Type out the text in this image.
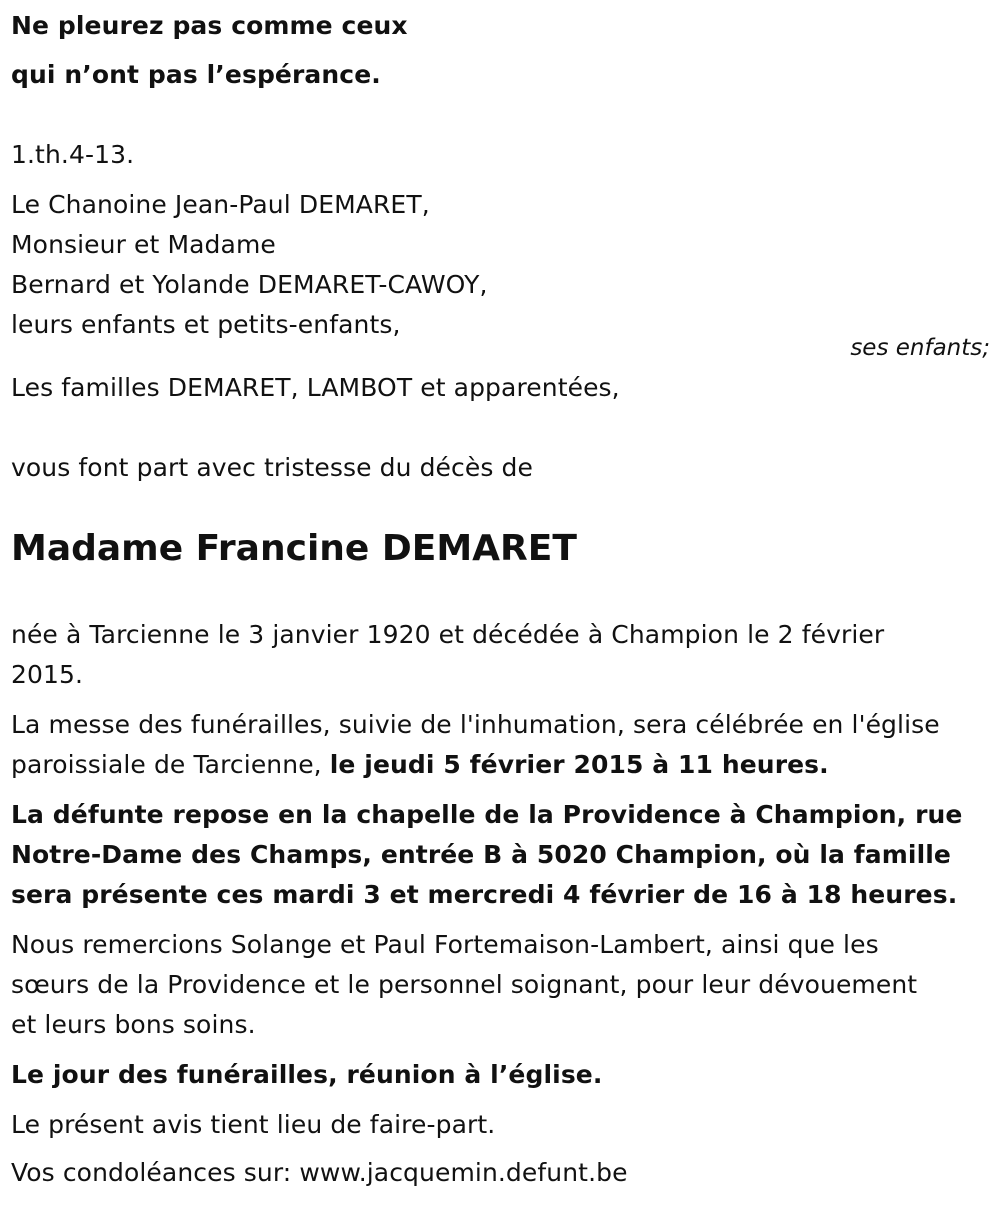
Ne pleurez pas comme ceux
qui n’ont pas l’espérance.
1.th.4-13.
Le Chanoine Jean-Paul DEMARET,
Monsieur et Madame
Bernard et Yolande DEMARET-CAWOY,
leurs enfants et petits-enfants,
ses enfants;
Les familles DEMARET, LAMBOT et apparentées,
vous font part avec tristesse du décès de
Madame Francine DEMARET
née à Tarcienne le 3 janvier 1920 et décédée à Champion le 2 février
2015.
La messe des funérailles, suivie de l'inhumation, sera célébrée en l'église
paroissiale de Tarcienne, le jeudi 5 février 2015 à 11 heures.
La défunte repose en la chapelle de la Providence à Champion, rue
Notre-Dame des Champs, entrée B à 5020 Champion, où la famille
sera présente ces mardi 3 et mercredi 4 février de 16 à 18 heures.
Nous remercions Solange et Paul Fortemaison-Lambert, ainsi que les
sœurs de la Providence et le personnel soignant, pour leur dévouement
et leurs bons soins.
Le jour des funérailles, réunion à l’église.
Le présent avis tient lieu de faire-part.
Vos condoléances sur: www.jacquemin.defunt.be
